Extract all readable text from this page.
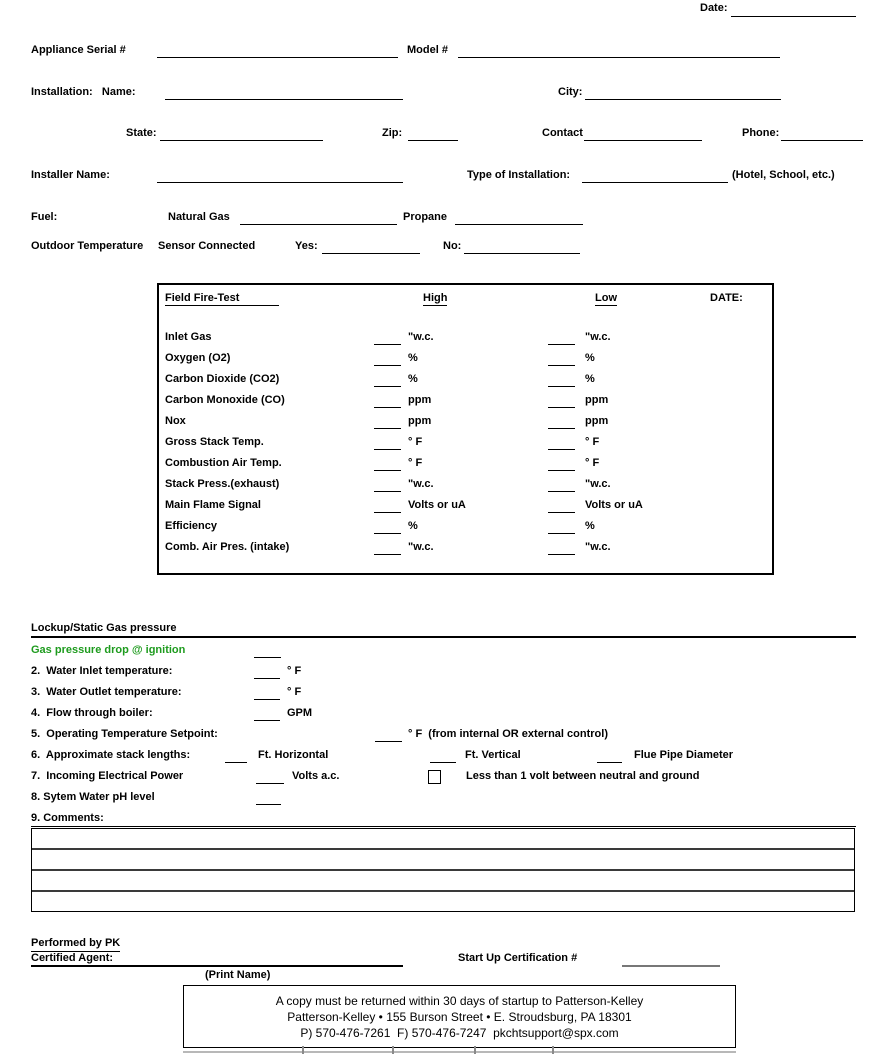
Date:
Appliance Serial #	Model #
Installation:   Name:	City:
State:	Zip:	Contact	Phone:
Installer Name:	Type of Installation:	(Hotel, School, etc.)
Fuel:	Natural Gas	Propane
Outdoor Temperature Sensor Connected	Yes:	No:
Field Fire-Test	High	Low	DATE:
Inlet Gas	"w.c.	"w.c.
Oxygen (O2)	%	%
Carbon Dioxide (CO2)	%	%
Carbon Monoxide (CO)	ppm	ppm
Nox	ppm	ppm
Gross Stack Temp.	° F	° F
Combustion Air Temp.	° F	° F
Stack Press.(exhaust)	"w.c.	"w.c.
Main Flame Signal	Volts or uA	Volts or uA
Efficiency	%	%
Comb. Air Pres. (intake)	"w.c.	"w.c.
Lockup/Static Gas pressure
Gas pressure drop @ ignition
2.  Water Inlet temperature:	° F
3.  Water Outlet temperature:	° F
4.  Flow through boiler:	GPM
5.  Operating Temperature Setpoint:	° F  (from internal OR external control)
6.  Approximate stack lengths:	Ft. Horizontal	Ft. Vertical	Flue Pipe Diameter
7.  Incoming Electrical Power	Volts a.c.	Less than 1 volt between neutral and ground
8. Sytem Water pH level
9. Comments:
Performed by PK
Certified Agent:
(Print Name)
Start Up Certification #
A copy must be returned within 30 days of startup to Patterson-Kelley
Patterson-Kelley • 155 Burson Street • E. Stroudsburg, PA 18301
P) 570-476-7261  F) 570-476-7247  pkchtsupport@spx.com
